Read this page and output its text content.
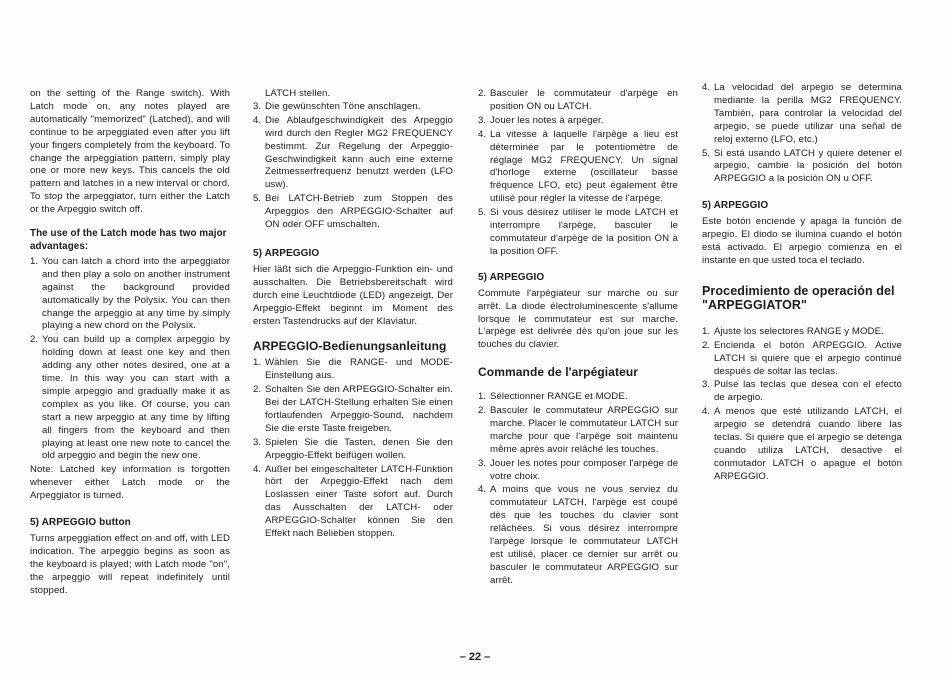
on the setting of the Range switch). With Latch mode on, any notes played are automatically "memorized" (Latched), and will continue to be arpeggiated even after you lift your fingers completely from the keyboard. To change the arpeggiation pattern, simply play one or more new keys. This cancels the old pattern and latches in a new interval or chord. To stop the arpeggiator, turn either the Latch or the Arpeggio switch off.

The use of the Latch mode has two major advantages:
1. You can latch a chord into the arpeggiator and then play a solo on another instrument against the background provided automatically by the Polysix. You can then change the arpeggio at any time by simply playing a new chord on the Polysix.
2. You can build up a complex arpeggio by holding down at least one key and then adding any other notes desired, one at a time. In this way you can start with a simple arpeggio and gradually make it as complex as you like. Of course, you can start a new arpeggio at any time by lifting all fingers from the keyboard and then playing at least one new note to cancel the old arpeggio and begin the new one.

Note: Latched key information is forgotten whenever either Latch mode or the Arpeggiator is turned.

5) ARPEGGIO button

Turns arpeggiation effect on and off, with LED indication. The arpeggio begins as soon as the keyboard is played; with Latch mode "on", the arpeggio will repeat indefinitely until stopped.

LATCH stellen.

3. Die gewünschten Töne anschlagen.
4. Die Ablaufgeschwindigkeit des Arpeggio wird durch den Regler MG2 FREQUENCY bestimmt. Zur Regelung der Arpeggio-Geschwindigkeit kann auch eine externe Zeitmesserfrequenz benutzt werden (LFO usw).
5. Bei LATCH-Betrieb zum Stoppen des Arpeggios den ARPEGGIO-Schalter auf ON oder OFF umschalten.
5) ARPEGGIO

Hier läßt sich die Arpeggio-Funktion ein- und ausschalten. Die Betriebsbereitschaft wird durch eine Leuchtdiode (LED) angezeigt. Der Arpeggio-Effekt beginnt im Moment des ersten Tastendrucks auf der Klaviatur.

ARPEGGIO-Bedienungsanleitung
1. Wählen Sie die RANGE- und MODE-Einstellung aus.
2. Schalten Sie den ARPEGGIO-Schalter ein. Bei der LATCH-Stellung erhalten Sie einen fortlaufenden Arpeggio-Sound, nachdem Sie die erste Taste freigeben.
3. Spielen Sie die Tasten, denen Sie den Arpeggio-Effekt beifügen wollen.
4. Außer bei eingeschalteter LATCH-Funktion hört der Arpeggio-Effekt nach dem Loslassen einer Taste sofort auf. Durch das Ausschalten der LATCH- oder ARPEGGIO-Schalter können Sie den Effekt nach Belieben stoppen.
2. Basculer le commutateur d'arpège en position ON ou LATCH.
3. Jouer les notes à arpéger.
4. La vitesse à laquelle l'arpège a lieu est déterminée par le potentiomètre de réglage MG2 FREQUENCY. Un signal d'horloge externe (oscillateur basse fréquence LFO, etc) peut également être utilisé pour régler la vitesse de l'arpège.
5. Si vous désirez utiliser le mode LATCH et interrompre l'arpège, basculer le commutateur d'arpège de la position ON à la position OFF.
5) ARPEGGIO

Commute l'arpégiateur sur marche ou sur arrêt. La diode électroluminescente s'allume lorsque le commutateur est sur marche. L'arpège est delivrée dès qu'on joue sur les touches du clavier.

Commande de l'arpégiateur
1. Sélectionner RANGE et MODE.
2. Basculer le commutateur ARPEGGIO sur marche. Placer le commutateur LATCH sur marche pour que l'arpège soit maintenu même après avoir relâché les touches.
3. Jouer les notes pour composer l'arpège de votre choix.
4. A moins que vous ne vous serviez du commutateur LATCH, l'arpège est coupé dès que les touches du clavier sont relâchées. Si vous désirez interrompre l'arpège lorsque le commutateur LATCH est utilisé, placer ce dernier sur arrêt ou basculer le commutateur ARPEGGIO sur arrêt.
4. La velocidad del arpegio se determina mediante la perilla MG2 FREQUENCY. También, para controlar la velocidad del arpegio, se puede utilizar una señal de reloj externo (LFO, etc.)
5. Si está usando LATCH y quiere detener el arpegio, cambie la posición del botón ARPEGGIO a la posición ON u OFF.
5) ARPEGGIO

Este botón enciende y apaga la función de arpegio. El diodo se ilumina cuando el botón está activado. El arpegio comienza en el instante en que usted toca el teclado.

Procedimiento de operación del "ARPEGGIATOR"
1. Ajuste los selectores RANGE y MODE.
2. Encienda el botón ARPEGGIO. Active LATCH si quiere que el arpegio continué después de soltar las teclas.
3. Pulse las teclas que desea con el efecto de arpegio.
4. A menos que esté utilizando LATCH, el arpegio se detendrá cuando libere las teclas. Si quiere que el arpegio se detenga cuando utiliza LATCH, desactive el conmutador LATCH o apague el botón ARPEGGIO.
– 22 –
